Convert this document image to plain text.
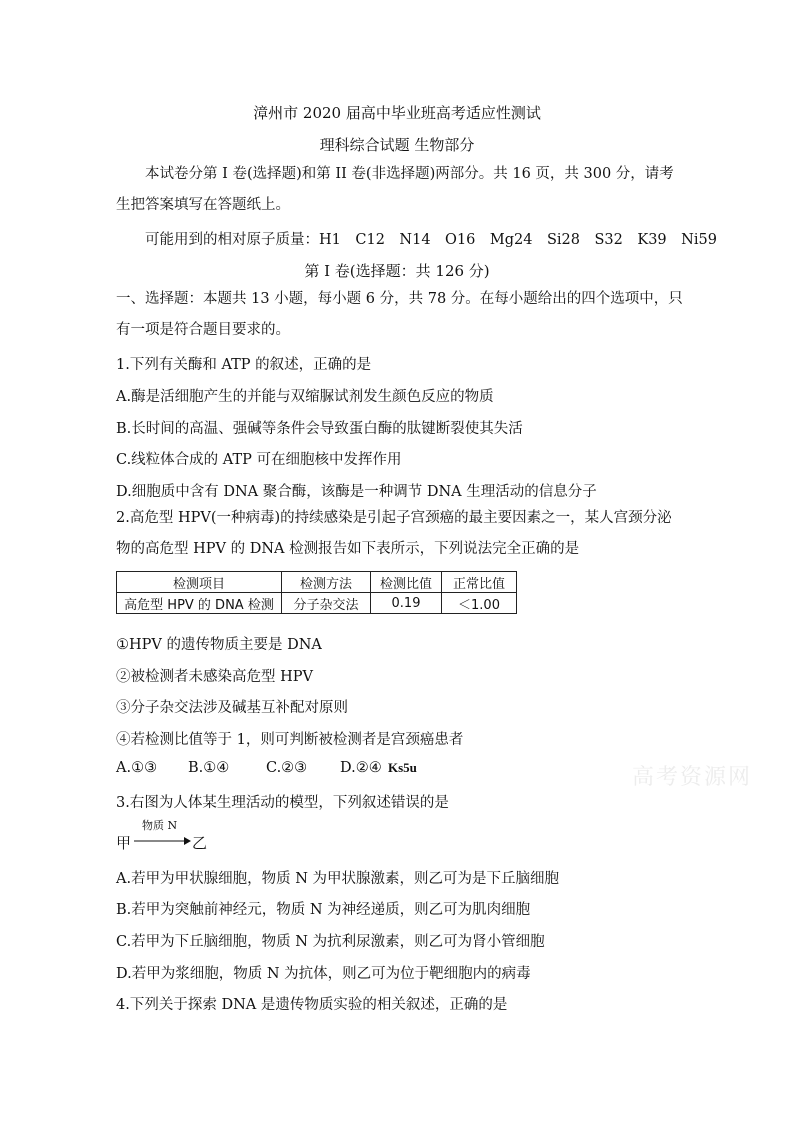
漳州市 2020 届高中毕业班高考适应性测试
理科综合试题 生物部分
本试卷分第 I 卷(选择题)和第 II 卷(非选择题)两部分。共 16 页，共 300 分，请考生把答案填写在答题纸上。
可能用到的相对原子质量：H1　C12　N14　O16　Mg24　Si28　S32　K39　Ni59
第 I 卷(选择题：共 126 分)
一、选择题：本题共 13 小题，每小题 6 分，共 78 分。在每小题给出的四个选项中，只有一项是符合题目要求的。
1.下列有关酶和 ATP 的叙述，正确的是
A.酶是活细胞产生的并能与双缩脲试剂发生颜色反应的物质
B.长时间的高温、强碱等条件会导致蛋白酶的肽键断裂使其失活
C.线粒体合成的 ATP 可在细胞核中发挥作用
D.细胞质中含有 DNA 聚合酶，该酶是一种调节 DNA 生理活动的信息分子
2.高危型 HPV(一种病毒)的持续感染是引起子宫颈癌的最主要因素之一，某人宫颈分泌物的高危型 HPV 的 DNA 检测报告如下表所示，下列说法完全正确的是
检测项目	检测方法	检测比值	正常比值
高危型 HPV 的 DNA 检测	分子杂交法	0.19	＜1.00
①HPV 的遗传物质主要是 DNA
②被检测者未感染高危型 HPV
③分子杂交法涉及碱基互补配对原则
④若检测比值等于 1，则可判断被检测者是宫颈癌患者
A.①③ B.①④	C.②③ D.②④ Ks5u	高考资源网
3.右图为人体某生理活动的模型，下列叙述错误的是
甲
物质 N
乙
A.若甲为甲状腺细胞，物质 N 为甲状腺激素，则乙可为是下丘脑细胞
B.若甲为突触前神经元，物质 N 为神经递质，则乙可为肌肉细胞
C.若甲为下丘脑细胞，物质 N 为抗利尿激素，则乙可为肾小管细胞
D.若甲为浆细胞，物质 N 为抗体，则乙可为位于靶细胞内的病毒
4.下列关于探索 DNA 是遗传物质实验的相关叙述，正确的是
